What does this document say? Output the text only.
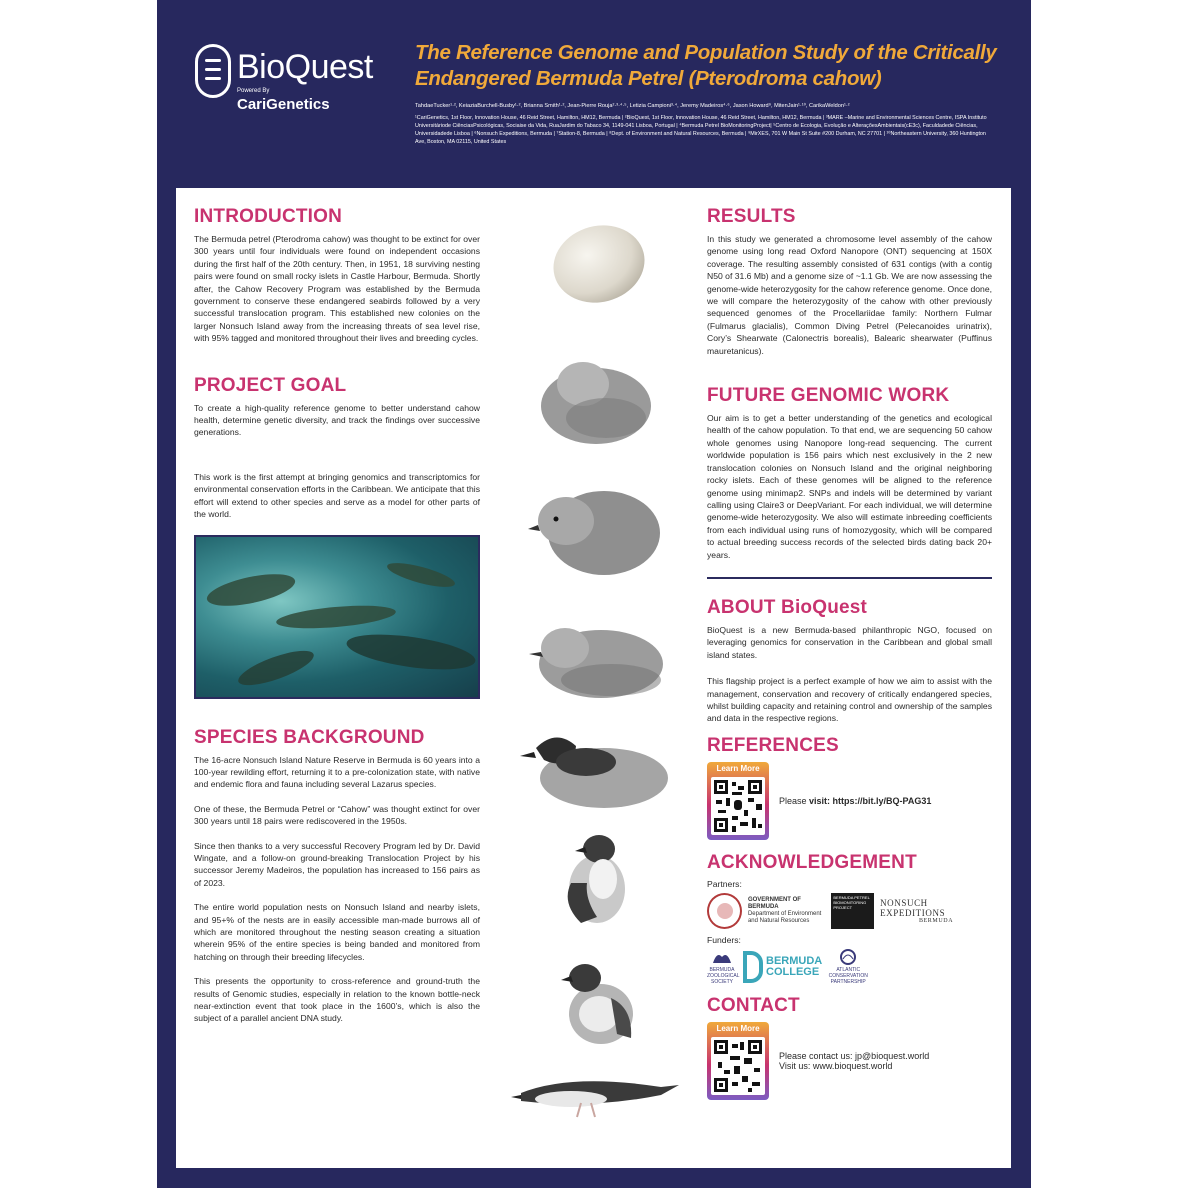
BioQuest
Powered By
CariGenetics
The Reference Genome and Population Study of the Critically
Endangered Bermuda Petrel (Pterodroma cahow)
TahdaeTucker¹·², KeiaziaBurchell-Busby¹·², Brianna Smith¹·², Jean-Pierre Rouja²·³·⁴·⁵, Letizia Campioni³·⁴, Jeremy Madeiros⁴·⁶, Jason Howard⁹, MitenJain¹·¹⁰, CarikaWeldon¹·²
¹CariGenetics, 1st Floor, Innovation House, 46 Reid Street, Hamilton, HM12, Bermuda | ²BioQuest, 1st Floor, Innovation House, 46 Reid Street, Hamilton, HM12, Bermuda | ³MARE –Marine and Environmental Sciences Centre, ISPA Instituto Universitáriode CiênciasPsicológicas, Sociaise da Vida, RuaJardim do Tabaco 34, 1149-041 Lisboa, Portugal | ⁴Bermuda Petrel BioMonitoringProject| ⁵Centro de Ecologia, Evolução e AlteraçõesAmbientais(cE3c), Faculdadede Ciências, Universidadede Lisboa | ⁶Nonsuch Expeditions, Bermuda | ⁷Station-8, Bermuda | ⁸Dept. of Environment and Natural Resources, Bermuda | ⁹MirXES, 701 W Main St Suite #200 Durham, NC 27701 | ¹⁰Northeastern University, 360 Huntington Ave, Boston, MA 02115, United States
INTRODUCTION

The Bermuda petrel (Pterodroma cahow) was thought to be extinct for over 300 years until four individuals were found on independent occasions during the first half of the 20th century. Then, in 1951, 18 surviving nesting pairs were found on small rocky islets in Castle Harbour, Bermuda. Shortly after, the Cahow Recovery Program was established by the Bermuda government to conserve these endangered seabirds followed by a very successful translocation program. This established new colonies on the larger Nonsuch Island away from the increasing threats of sea level rise, with 95% tagged and monitored throughout their lives and breeding cycles.

PROJECT GOAL

To create a high-quality reference genome to better understand cahow health, determine genetic diversity, and track the findings over successive generations.

This work is the first attempt at bringing genomics and transcriptomics for environmental conservation efforts in the Caribbean. We anticipate that this effort will extend to other species and serve as a model for other parts of the world.

SPECIES BACKGROUND

The 16-acre Nonsuch Island Nature Reserve in Bermuda is 60 years into a 100-year rewilding effort, returning it to a pre-colonization state, with native and endemic flora and fauna including several Lazarus species.

One of these, the Bermuda Petrel or “Cahow” was thought extinct for over 300 years until 18 pairs were rediscovered in the 1950s.

Since then thanks to a very successful Recovery Program led by Dr. David Wingate, and a follow-on ground-breaking Translocation Project by his successor Jeremy Madeiros, the population has increased to 156 pairs as of 2023.

The entire world population nests on Nonsuch Island and nearby islets, and 95+% of the nests are in easily accessible man-made burrows all of which are monitored throughout the nesting season creating a situation wherein 95% of the entire species is being banded and monitored from hatching on through their breeding lifecycles.

This presents the opportunity to cross-reference and ground-truth the results of Genomic studies, especially in relation to the known bottle-neck near-extinction event that took place in the 1600’s, which is also the subject of a parallel ancient DNA study.

RESULTS

In this study we generated a chromosome level assembly of the cahow genome using long read Oxford Nanopore (ONT) sequencing at 150X coverage. The resulting assembly consisted of 631 contigs (with a contig N50 of 31.6 Mb) and a genome size of ~1.1 Gb. We are now assessing the genome-wide heterozygosity for the cahow reference genome. Once done, we will compare the heterozygosity of the cahow with other previously sequenced genomes of the Procellariidae family: Northern Fulmar (Fulmarus glacialis), Common Diving Petrel (Pelecanoides urinatrix), Cory’s Shearwate (Calonectris borealis), Balearic shearwater (Puffinus mauretanicus).

FUTURE GENOMIC WORK

Our aim is to get a better understanding of the genetics and ecological health of the cahow population. To that end, we are sequencing 50 cahow whole genomes using Nanopore long-read sequencing. The current worldwide population is 156 pairs which nest exclusively in the 2 new translocation colonies on Nonsuch Island and the original neighboring rocky islets. Each of these genomes will be aligned to the reference genome using minimap2. SNPs and indels will be determined by variant calling using Claire3 or DeepVariant. For each individual, we will determine genome-wide heterozygosity. We also will estimate inbreeding coefficients from each individual using runs of homozygosity, which will be compared to actual breeding success records of the selected birds dating back 20+ years.

ABOUT BioQuest

BioQuest is a new Bermuda-based philanthropic NGO, focused on leveraging genomics for conservation in the Caribbean and global small island states.

This flagship project is a perfect example of how we aim to assist with the management, conservation and recovery of critically endangered species, whilst building capacity and retaining control and ownership of the samples and data in the respective regions.

REFERENCES
Learn More
Please visit: https://bit.ly/BQ-PAG31
ACKNOWLEDGEMENT
Partners:
GOVERNMENT OF BERMUDA
Department of Environment and Natural Resources
BERMUDA PETREL BIOMONITORING PROJECT	NONSUCH EXPEDITIONS
BERMUDA
Funders:
BERMUDA ZOOLOGICAL SOCIETY
BERMUDA
COLLEGE	ATLANTIC CONSERVATION PARTNERSHIP
CONTACT
Learn More
Please contact us: jp@bioquest.world
Visit us: www.bioquest.world
